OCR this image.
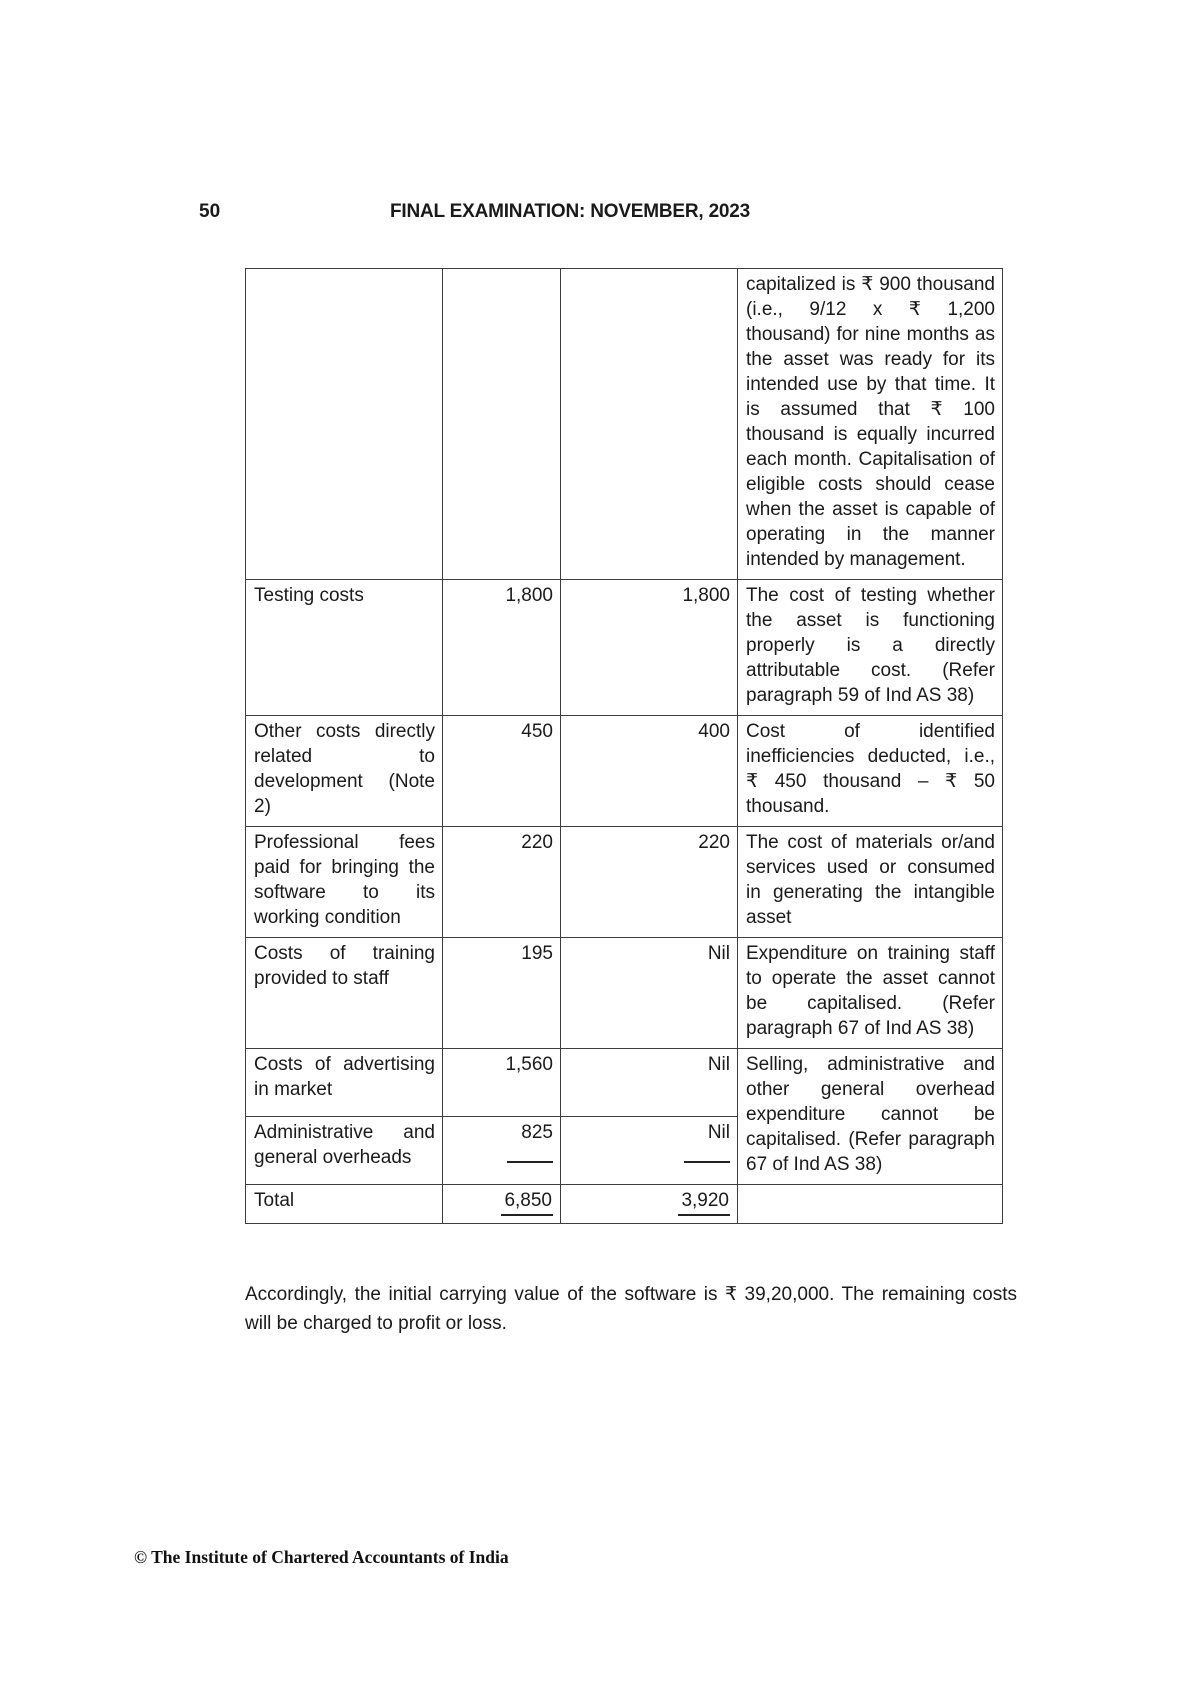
50	FINAL EXAMINATION: NOVEMBER, 2023
			capitalized is ₹ 900 thousand (i.e., 9/12 x ₹ 1,200 thousand) for nine months as the asset was ready for its intended use by that time. It is assumed that ₹ 100 thousand is equally incurred each month. Capitalisation of eligible costs should cease when the asset is capable of operating in the manner intended by management.
Testing costs	1,800	1,800	The cost of testing whether the asset is functioning properly is a directly attributable cost. (Refer paragraph 59 of Ind AS 38)
Other costs directly related to development (Note 2)	450	400	Cost of identified inefficiencies deducted, i.e., ₹ 450 thousand – ₹ 50 thousand.
Professional fees paid for bringing the software to its working condition	220	220	The cost of materials or/and services used or consumed in generating the intangible asset
Costs of training provided to staff	195	Nil	Expenditure on training staff to operate the asset cannot be capitalised. (Refer paragraph 67 of Ind AS 38)
Costs of advertising in market	1,560	Nil	Selling, administrative and other general overhead expenditure cannot be capitalised. (Refer paragraph 67 of Ind AS 38)
Administrative and general overheads	825	Nil	

Total	6,850	3,920	

Accordingly, the initial carrying value of the software is ₹ 39,20,000. The remaining costs will be charged to profit or loss.

© The Institute of Chartered Accountants of India
